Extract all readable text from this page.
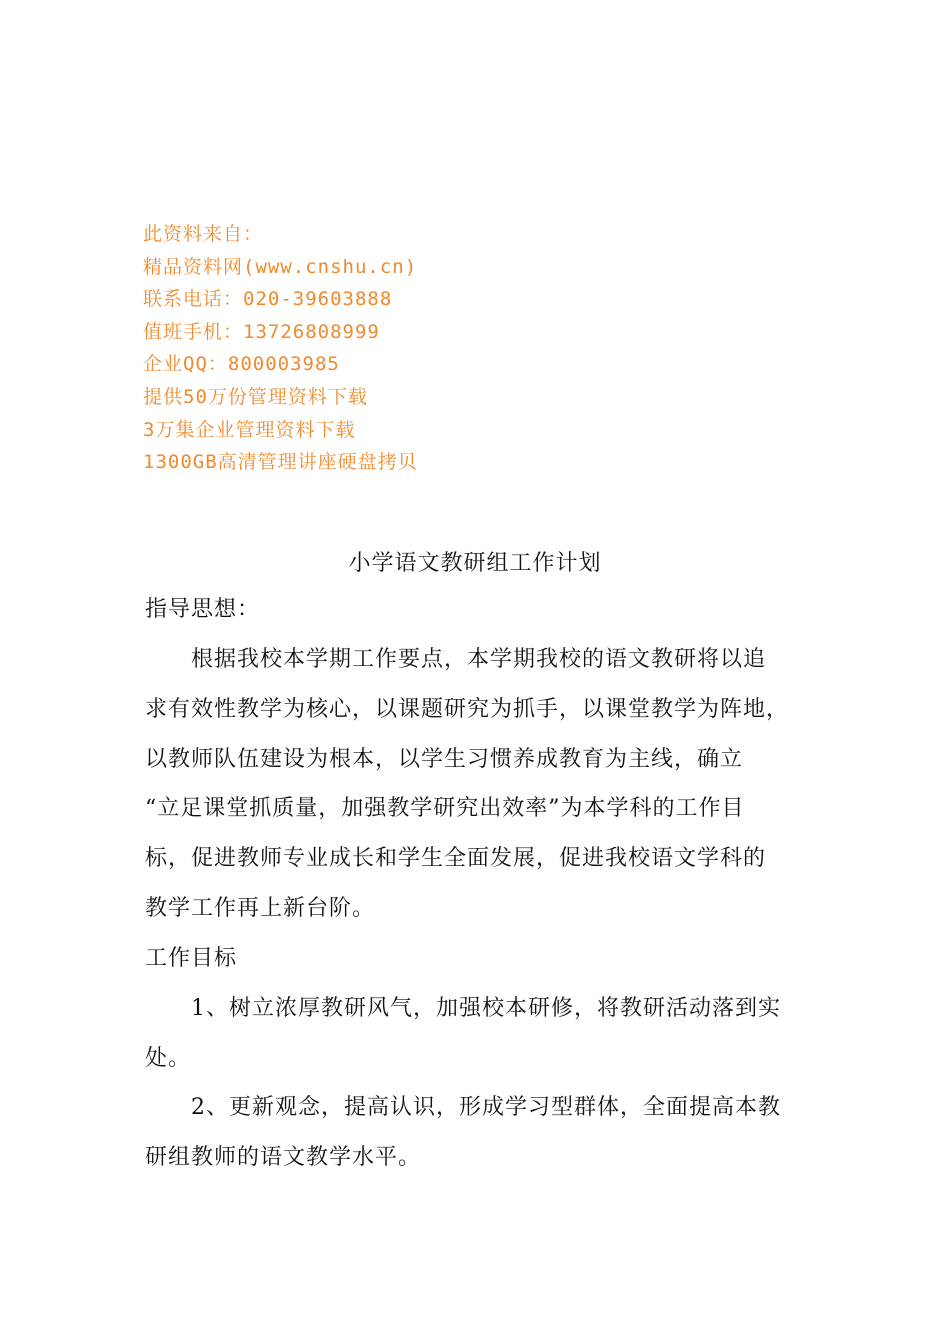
此资料来自：
精品资料网(www.cnshu.cn)
联系电话：020-39603888
值班手机：13726808999
企业QQ：800003985
提供50万份管理资料下载
3万集企业管理资料下载
1300GB高清管理讲座硬盘拷贝
小学语文教研组工作计划
指导思想：
根据我校本学期工作要点，本学期我校的语文教研将以追
求有效性教学为核心，以课题研究为抓手，以课堂教学为阵地，
以教师队伍建设为根本，以学生习惯养成教育为主线，确立
“立足课堂抓质量，加强教学研究出效率”为本学科的工作目
标，促进教师专业成长和学生全面发展，促进我校语文学科的
教学工作再上新台阶。
工作目标
1、树立浓厚教研风气，加强校本研修，将教研活动落到实
处。
2、更新观念，提高认识，形成学习型群体，全面提高本教
研组教师的语文教学水平。
